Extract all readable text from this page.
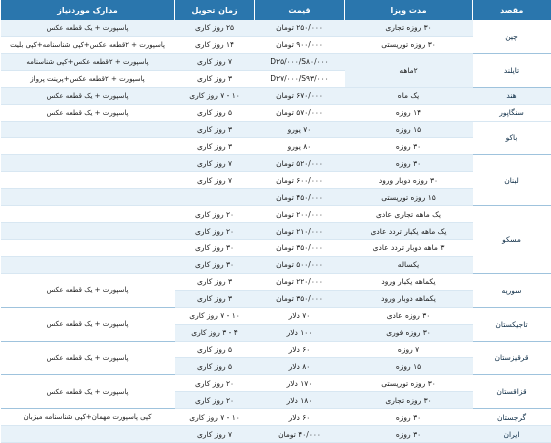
مقصد	مدت ویزا	قیمت	زمان تحویل	مدارک موردنیاز
چین	۳۰ روزه تجاری	۲۵۰/۰۰۰ تومان	۲۵ روز کاری	پاسپورت + یک قطعه عکس
	۳۰ روزه توریستی	۹۰۰/۰۰۰ تومان	۱۴ روز کاری	پاسپورت + ۲قطعه عکس+کپی شناسنامه+کپی بلیت
تایلند	۲ماهه	D۲۵/۰۰۰/S۸۰/۰۰۰	۷ روز کاری	پاسپورت + ۲قطعه عکس+کپی شناسنامه
		D۲۷/۰۰۰/S۹۳/۰۰۰	۳ روز کاری	پاسپورت + ۲قطعه عکس+پرینت پرواز
هند	یک ماه	۶۷۰/۰۰۰ تومان	۱۰ - ۷ روز کاری	پاسپورت + یک قطعه عکس
سنگاپور	۱۴ روزه	۵۷۰/۰۰۰ تومان	۵ روز کاری	پاسپورت + یک قطعه عکس
باکو	۱۵ روزه	۷۰ یورو	۳ روز کاری	
	۳۰ روزه	۸۰ یورو	۳ روز کاری	
لبنان	۳۰ روزه	۵۲۰/۰۰۰ تومان	۷ روز کاری	
	۳۰ روزه دوبار ورود	۶۰۰/۰۰۰ تومان	۷ روز کاری	
	۱۵ روزه توریستی	۴۵۰/۰۰۰ تومان		
مسکو	یک ماهه تجاری عادی	۲۰۰/۰۰۰ تومان	۲۰ روز کاری	
	یک ماهه یکبار تردد عادی	۲۱۰/۰۰۰ تومان	۲۰ روز کاری	
	۳ ماهه دوبار تردد عادی	۳۵۰/۰۰۰ تومان	۳۰ روز کاری	
	یکساله	۵۰۰/۰۰۰ تومان	۳۰ روز کاری	
سوریه	یکماهه یکبار ورود	۲۲۰/۰۰۰ تومان	۳ روز کاری	پاسپورت + یک قطعه عکس
	یکماهه دوبار ورود	۳۵۰/۰۰۰ تومان	۳ روز کاری	
تاجیکستان	۳۰ روزه عادی	۷۰ دلار	۱۰ - ۷ روز کاری	پاسپورت + یک قطعه عکس
	۳۰ روزه فوری	۱۰۰ دلار	۴ - ۳ روز کاری	
قرقیزستان	۷ روزه	۶۰ دلار	۵ روز کاری	پاسپورت + یک قطعه عکس
	۱۵ روزه	۸۰ دلار	۵ روز کاری	
قزاقستان	۳۰ روزه توریستی	۱۷۰ دلار	۲۰ روز کاری	پاسپورت + یک قطعه عکس
	۳۰ روزه تجاری	۱۸۰ دلار	۲۰ روز کاری	
گرجستان	۳۰ روزه	۶۰ دلار	۱۰ - ۷ روز کاری	کپی پاسپورت مهمان+کپی شناسنامه میزبان
ایران	۳۰ روزه	۴۰/۰۰۰ تومان	۷ روز کاری	
